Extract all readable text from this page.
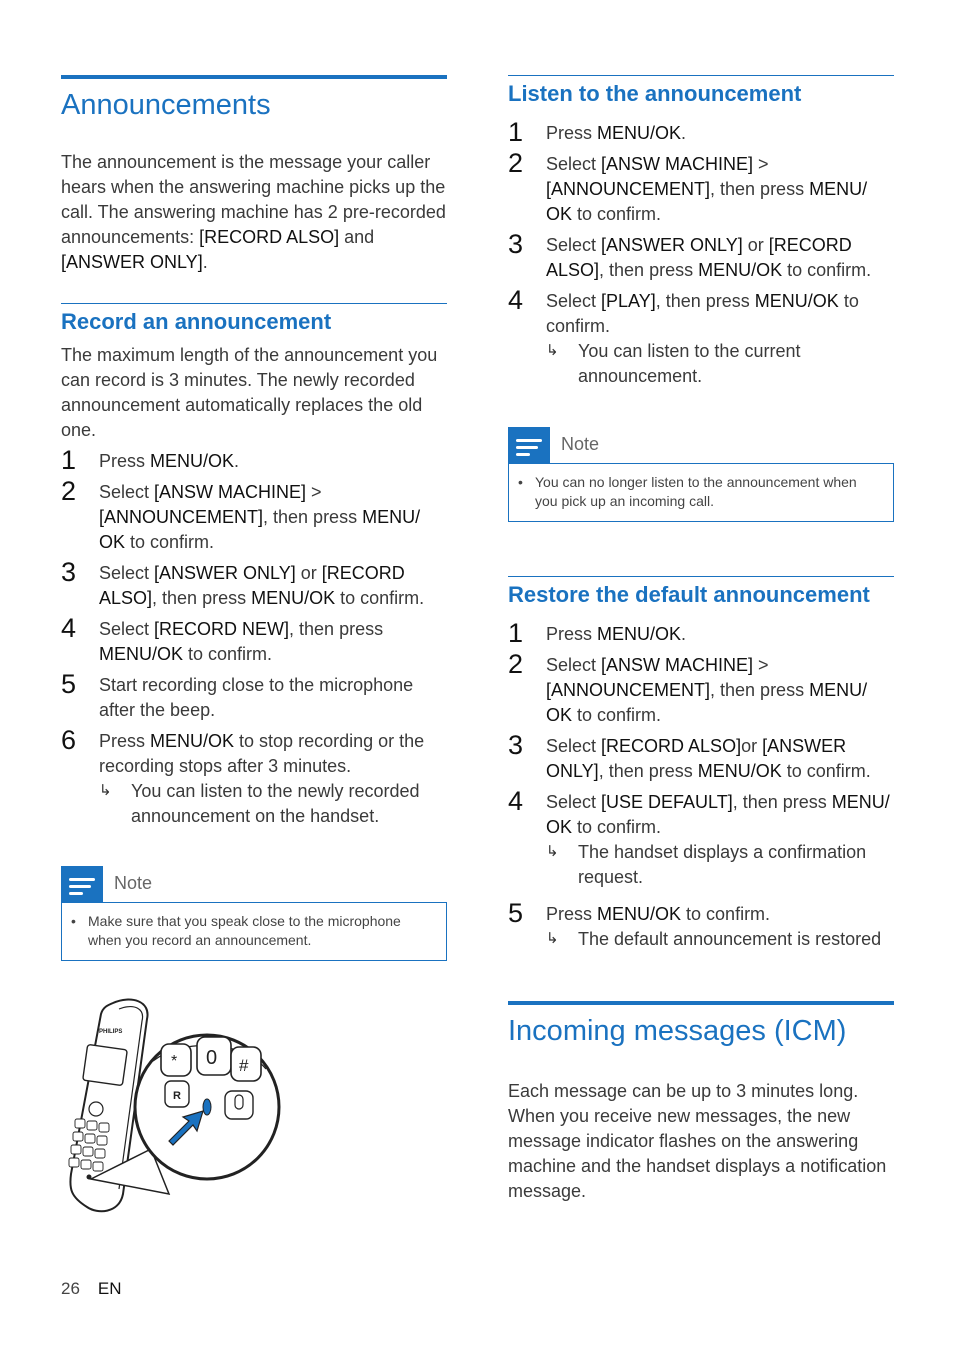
Announcements

The announcement is the message your caller hears when the answering machine picks up the call. The answering machine has 2 pre-recorded announcements: [RECORD ALSO] and [ANSWER ONLY].

Record an announcement

The maximum length of the announcement you can record is 3 minutes. The newly recorded announcement automatically replaces the old one.

1 Press MENU/OK.
2 Select [ANSW MACHINE] > [ANNOUNCEMENT], then press MENU/ OK to confirm.
3 Select [ANSWER ONLY] or [RECORD ALSO], then press MENU/OK to confirm.
4 Select [RECORD NEW], then press MENU/OK to confirm.
5 Start recording close to the microphone after the beep.
6 Press MENU/OK to stop recording or the recording stops after 3 minutes.
↳ You can listen to the newly recorded announcement on the handset.
Note
• Make sure that you speak close to the microphone when you record an announcement.
PHILIPS
* 0 #
R
Listen to the announcement
1 Press MENU/OK.
2 Select [ANSW MACHINE] > [ANNOUNCEMENT], then press MENU/ OK to confirm.
3 Select [ANSWER ONLY] or [RECORD ALSO], then press MENU/OK to confirm.
4 Select [PLAY], then press MENU/OK to confirm.
↳ You can listen to the current announcement.
Note
• You can no longer listen to the announcement when you pick up an incoming call.
Restore the default announcement
1 Press MENU/OK.
2 Select [ANSW MACHINE] > [ANNOUNCEMENT], then press MENU/ OK to confirm.
3 Select [RECORD ALSO]or [ANSWER ONLY], then press MENU/OK to confirm.
4 Select [USE DEFAULT], then press MENU/ OK to confirm.
↳ The handset displays a confirmation request.
5 Press MENU/OK to confirm.
↳ The default announcement is restored
Incoming messages (ICM)

Each message can be up to 3 minutes long. When you receive new messages, the new message indicator flashes on the answering machine and the handset displays a notification message.

26 EN
